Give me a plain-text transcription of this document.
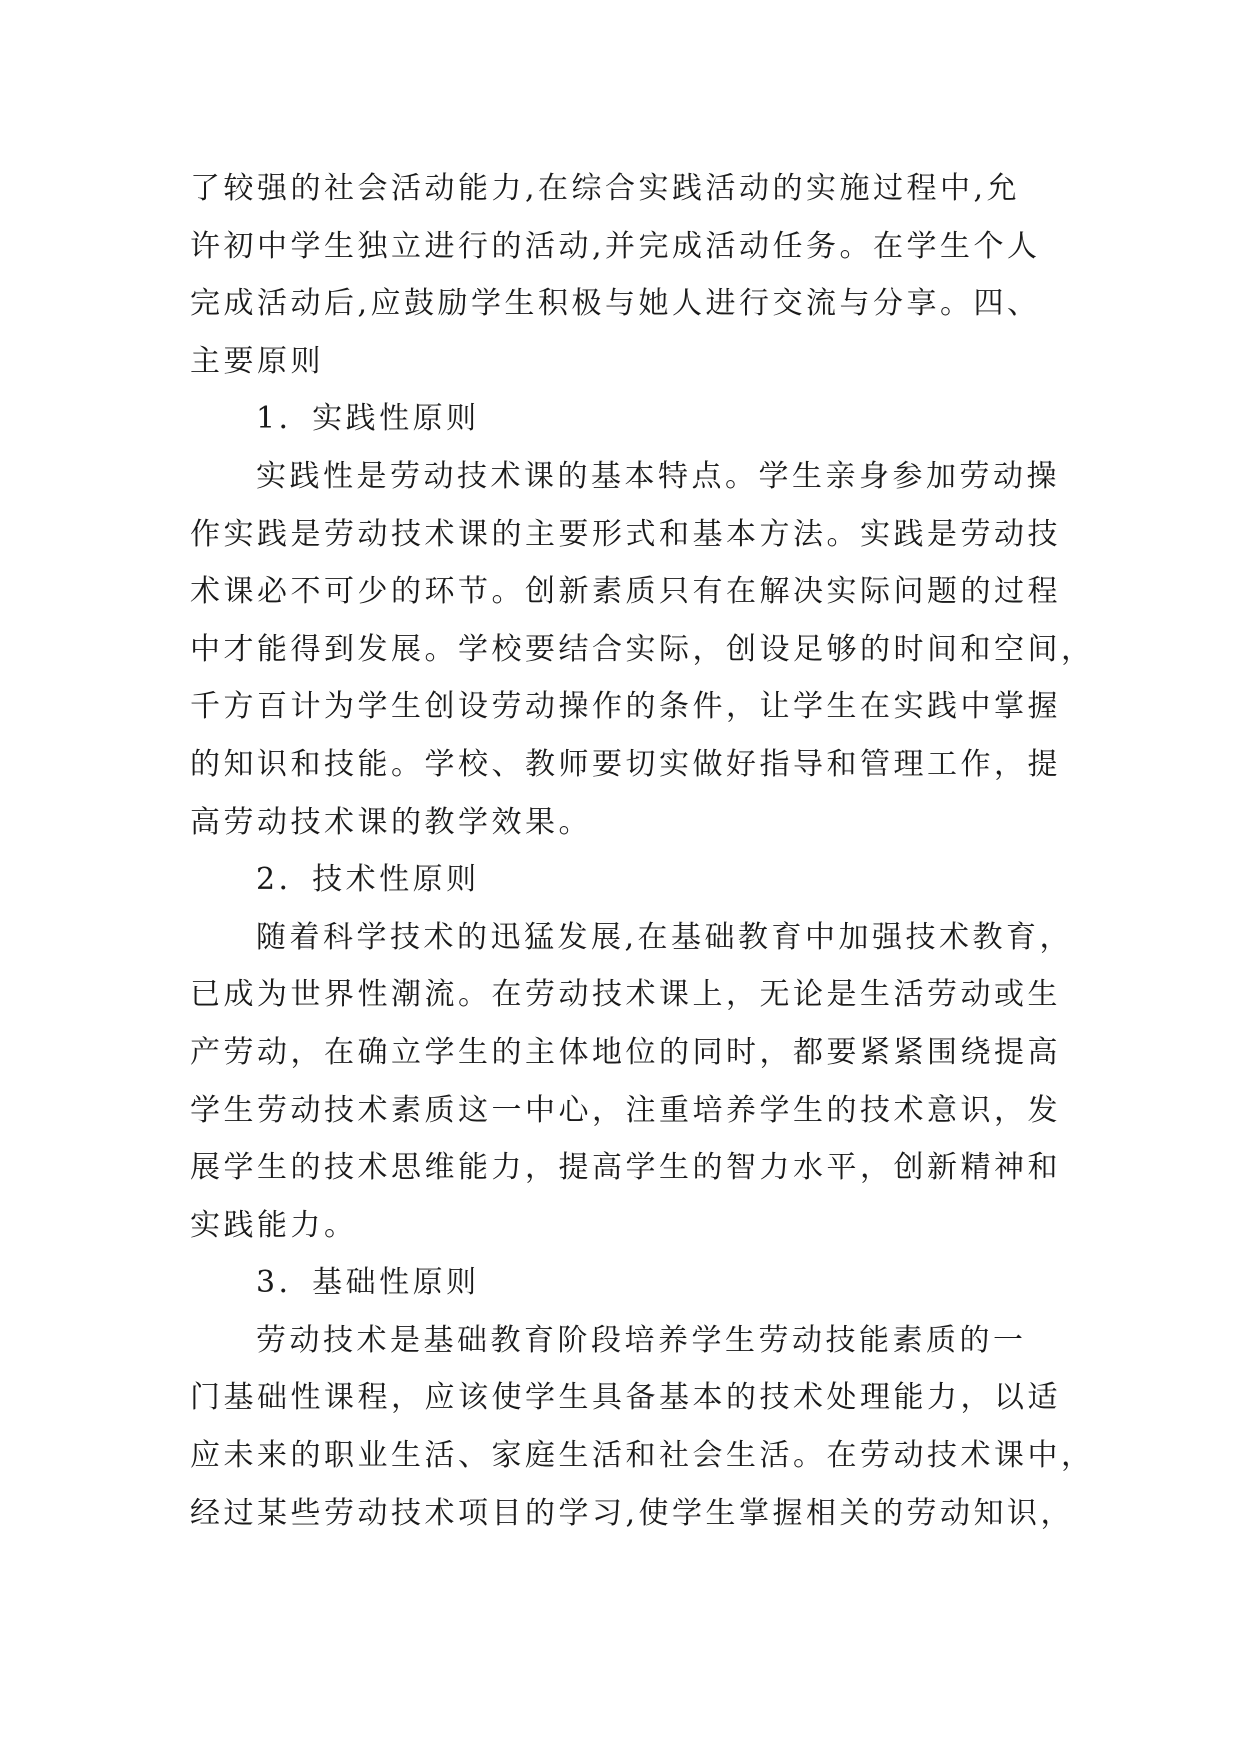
了较强的社会活动能力,在综合实践活动的实施过程中,允
许初中学生独立进行的活动,并完成活动任务。在学生个人
完成活动后,应鼓励学生积极与她人进行交流与分享。四、
主要原则
1．实践性原则
实践性是劳动技术课的基本特点。学生亲身参加劳动操
作实践是劳动技术课的主要形式和基本方法。实践是劳动技
术课必不可少的环节。创新素质只有在解决实际问题的过程
中才能得到发展。学校要结合实际，创设足够的时间和空间，
千方百计为学生创设劳动操作的条件，让学生在实践中掌握
的知识和技能。学校、教师要切实做好指导和管理工作，提
高劳动技术课的教学效果。
2．技术性原则
随着科学技术的迅猛发展,在基础教育中加强技术教育，
已成为世界性潮流。在劳动技术课上，无论是生活劳动或生
产劳动，在确立学生的主体地位的同时，都要紧紧围绕提高
学生劳动技术素质这一中心，注重培养学生的技术意识，发
展学生的技术思维能力，提高学生的智力水平，创新精神和
实践能力。
3．基础性原则
劳动技术是基础教育阶段培养学生劳动技能素质的一
门基础性课程，应该使学生具备基本的技术处理能力，以适
应未来的职业生活、家庭生活和社会生活。在劳动技术课中，
经过某些劳动技术项目的学习,使学生掌握相关的劳动知识，
